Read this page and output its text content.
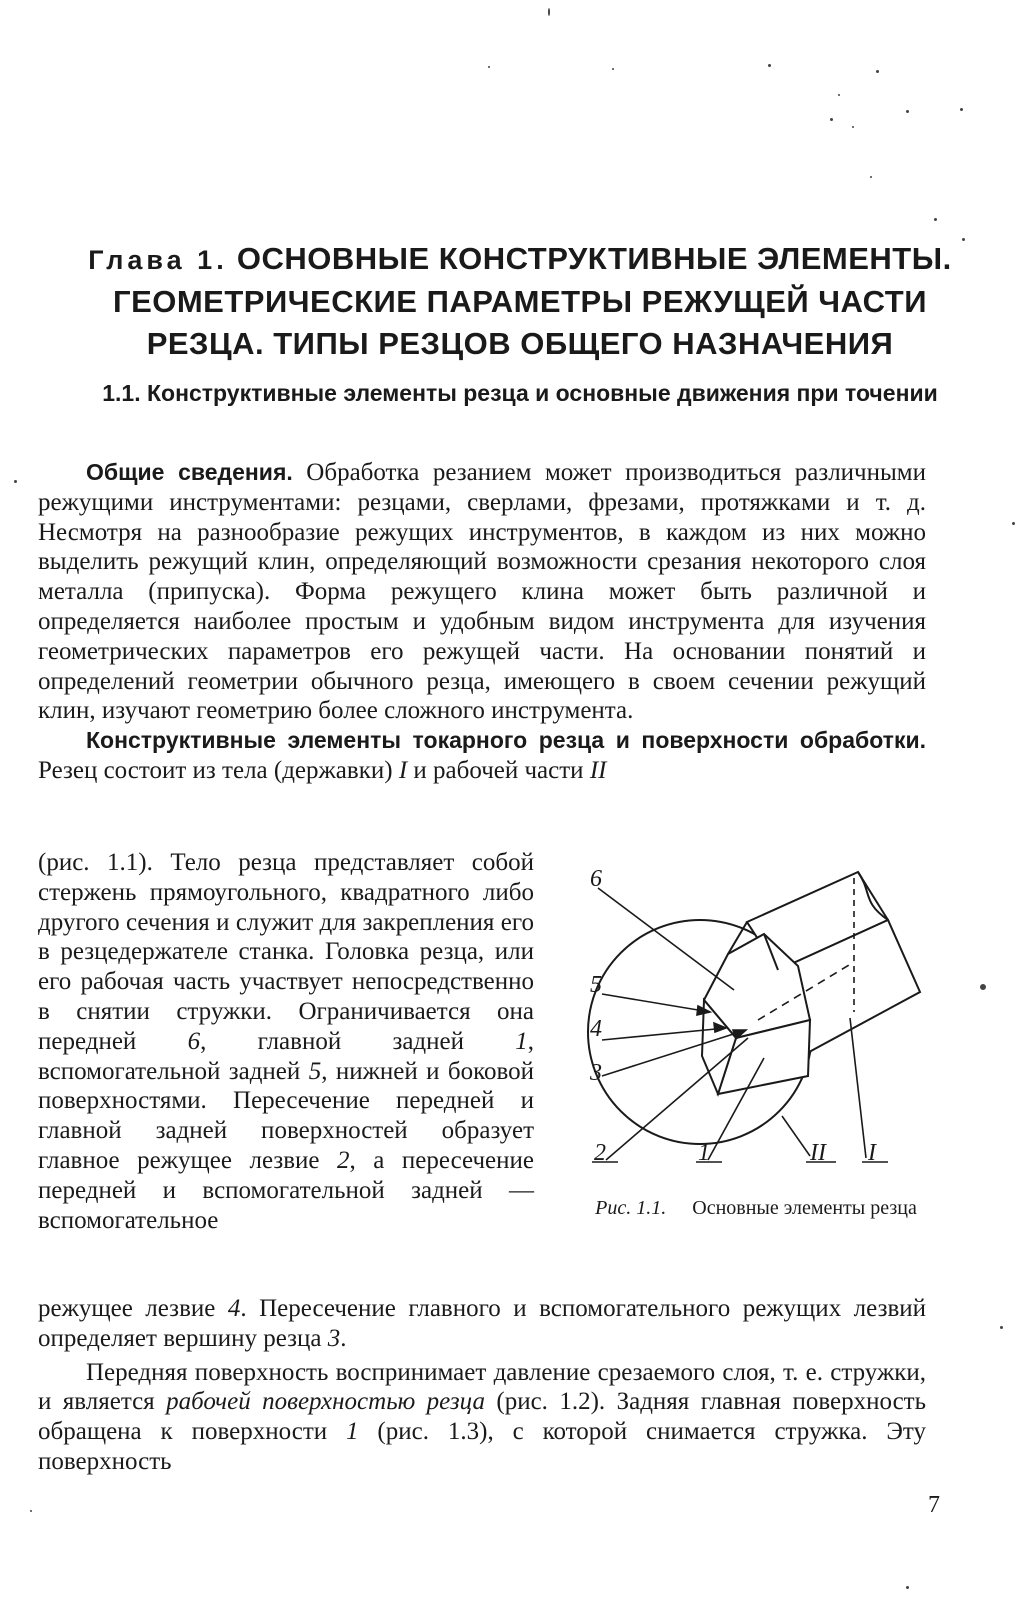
Глава 1. ОСНОВНЫЕ КОНСТРУКТИВНЫЕ ЭЛЕМЕНТЫ. ГЕОМЕТРИЧЕСКИЕ ПАРАМЕТРЫ РЕЖУЩЕЙ ЧАСТИ РЕЗЦА. ТИПЫ РЕЗЦОВ ОБЩЕГО НАЗНАЧЕНИЯ
1.1. Конструктивные элементы резца и основные движения при точении

Общие сведения. Обработка резанием может производиться различными режущими инструментами: резцами, сверлами, фрезами, протяжками и т. д. Несмотря на разнообразие режущих инструментов, в каждом из них можно выделить режущий клин, определяющий возможности срезания некоторого слоя металла (припуска). Форма режущего клина может быть различной и определяется наиболее простым и удобным видом инструмента для изучения геометрических параметров его режущей части. На основании понятий и определений геометрии обычного резца, имеющего в своем сечении режущий клин, изучают геометрию более сложного инструмента.

Конструктивные элементы токарного резца и поверхности обработки. Резец состоит из тела (державки) I и рабочей части II

(рис. 1.1). Тело резца представляет собой стержень прямоугольного, квадратного либо другого сечения и служит для закрепления его в резцедержателе станка. Головка резца, или его рабочая часть участвует непосредственно в снятии стружки. Ограничивается она передней 6, главной задней 1, вспомогательной задней 5, нижней и боковой поверхностями. Пересечение передней и главной задней поверхностей образует главное режущее лезвие 2, а пересечение передней и вспомогательной задней — вспомогательное
6
5
4
3
2	1	II I
Рис. 1.1. Основные элементы резца

режущее лезвие 4. Пересечение главного и вспомогательного режущих лезвий определяет вершину резца 3.

Передняя поверхность воспринимает давление срезаемого слоя, т. е. стружки, и является рабочей поверхностью резца (рис. 1.2). Задняя главная поверхность обращена к поверхности 1 (рис. 1.3), с которой снимается стружка. Эту поверхность

7
